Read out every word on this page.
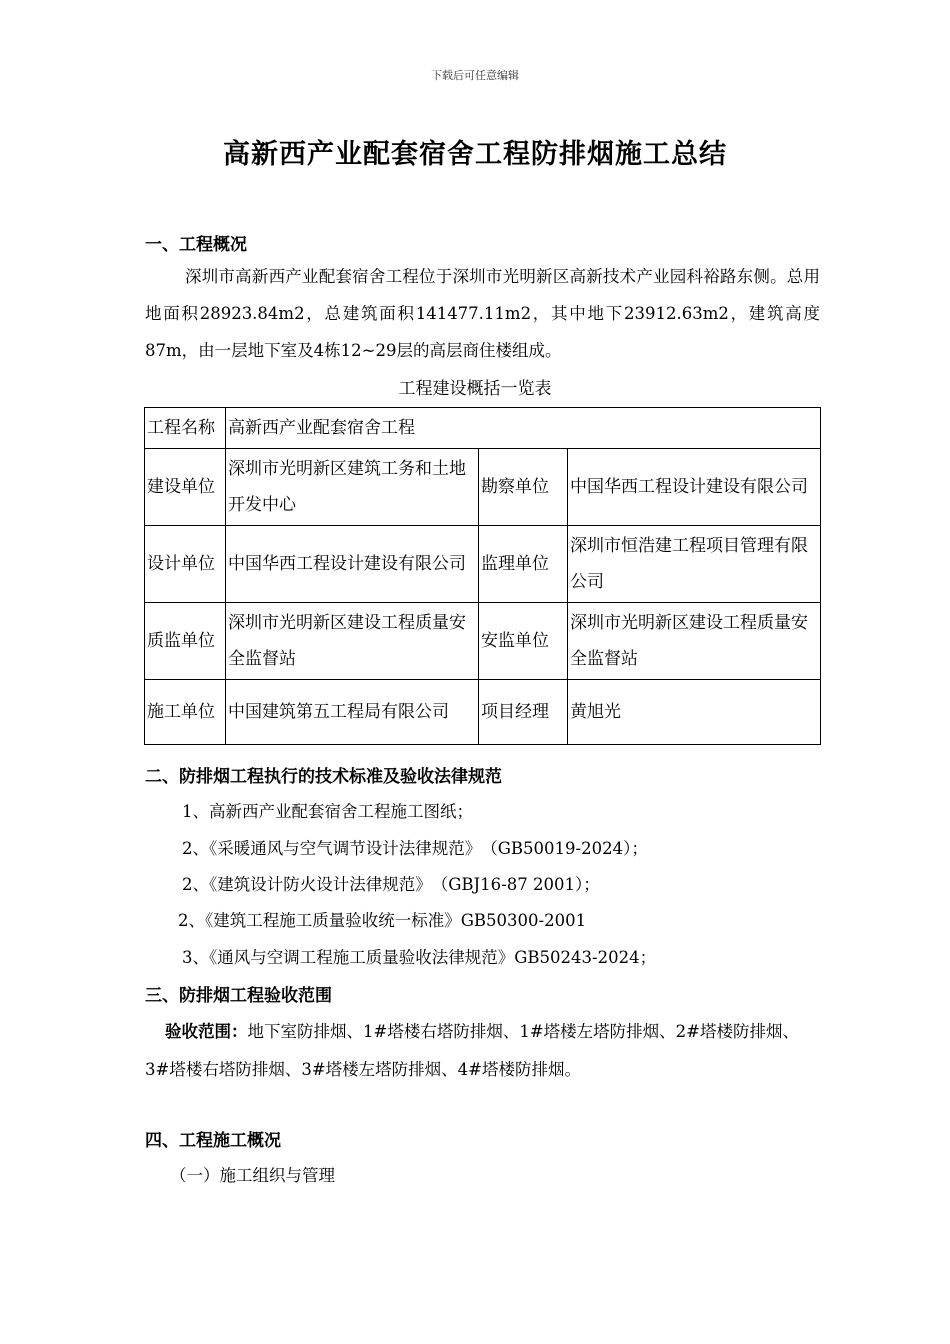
下载后可任意编辑
高新西产业配套宿舍工程防排烟施工总结
一、工程概况
深圳市高新西产业配套宿舍工程位于深圳市光明新区高新技术产业园科裕路东侧。总用地面积28923.84m2，总建筑面积141477.11m2，其中地下23912.63m2，建筑高度87m，由一层地下室及4栋12~29层的高层商住楼组成。
工程建设概括一览表
工程名称	高新西产业配套宿舍工程		
建设单位	深圳市光明新区建筑工务和土地开发中心	勘察单位	中国华西工程设计建设有限公司
设计单位	中国华西工程设计建设有限公司	监理单位	深圳市恒浩建工程项目管理有限公司
质监单位	深圳市光明新区建设工程质量安全监督站	安监单位	深圳市光明新区建设工程质量安全监督站
施工单位	中国建筑第五工程局有限公司	项目经理	黄旭光
二、防排烟工程执行的技术标准及验收法律规范
1、高新西产业配套宿舍工程施工图纸；
2、《采暖通风与空气调节设计法律规范》　（GB50019-2024）；
2、《建筑设计防火设计法律规范》　（GBJ16-87 2001）；
2、《建筑工程施工质量验收统一标准》GB50300-2001
3、《通风与空调工程施工质量验收法律规范》GB50243-2024；
三、防排烟工程验收范围
验收范围：地下室防排烟、1#塔楼右塔防排烟、1#塔楼左塔防排烟、2#塔楼防排烟、3#塔楼右塔防排烟、3#塔楼左塔防排烟、4#塔楼防排烟。
四、工程施工概况
（一）施工组织与管理
